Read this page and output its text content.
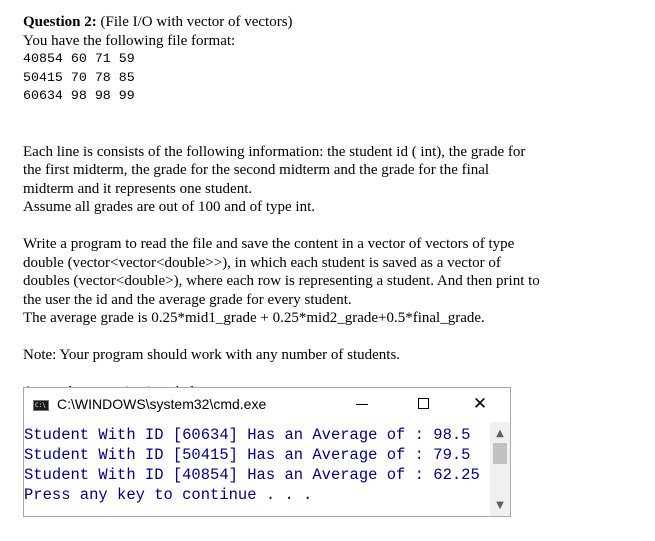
Question 2: (File I/O with vector of vectors)
You have the following file format:
40854 60 71 59
50415 70 78 85
60634 98 98 99
Each line is consists of the following information: the student id ( int), the grade for
the first midterm, the grade for the second midterm and the grade for the final
midterm and it represents one student.
Assume all grades are out of 100 and of type int.
Write a program to read the file and save the content in a vector of vectors of type
double (vector<vector<double>>), in which each student is saved as a vector of
doubles (vector<double>), where each row is representing a student. And then print to
the user the id and the average grade for every student.
The average grade is 0.25*mid1_grade + 0.25*mid2_grade+0.5*final_grade.
Note: Your program should work with any number of students.
C:\ C:\WINDOWS\system32\cmd.exe	✕
Student With ID [60634] Has an Average of : 98.5
Student With ID [50415] Has an Average of : 79.5
Student With ID [40854] Has an Average of : 62.25
Press any key to continue . . .
▲
▼
